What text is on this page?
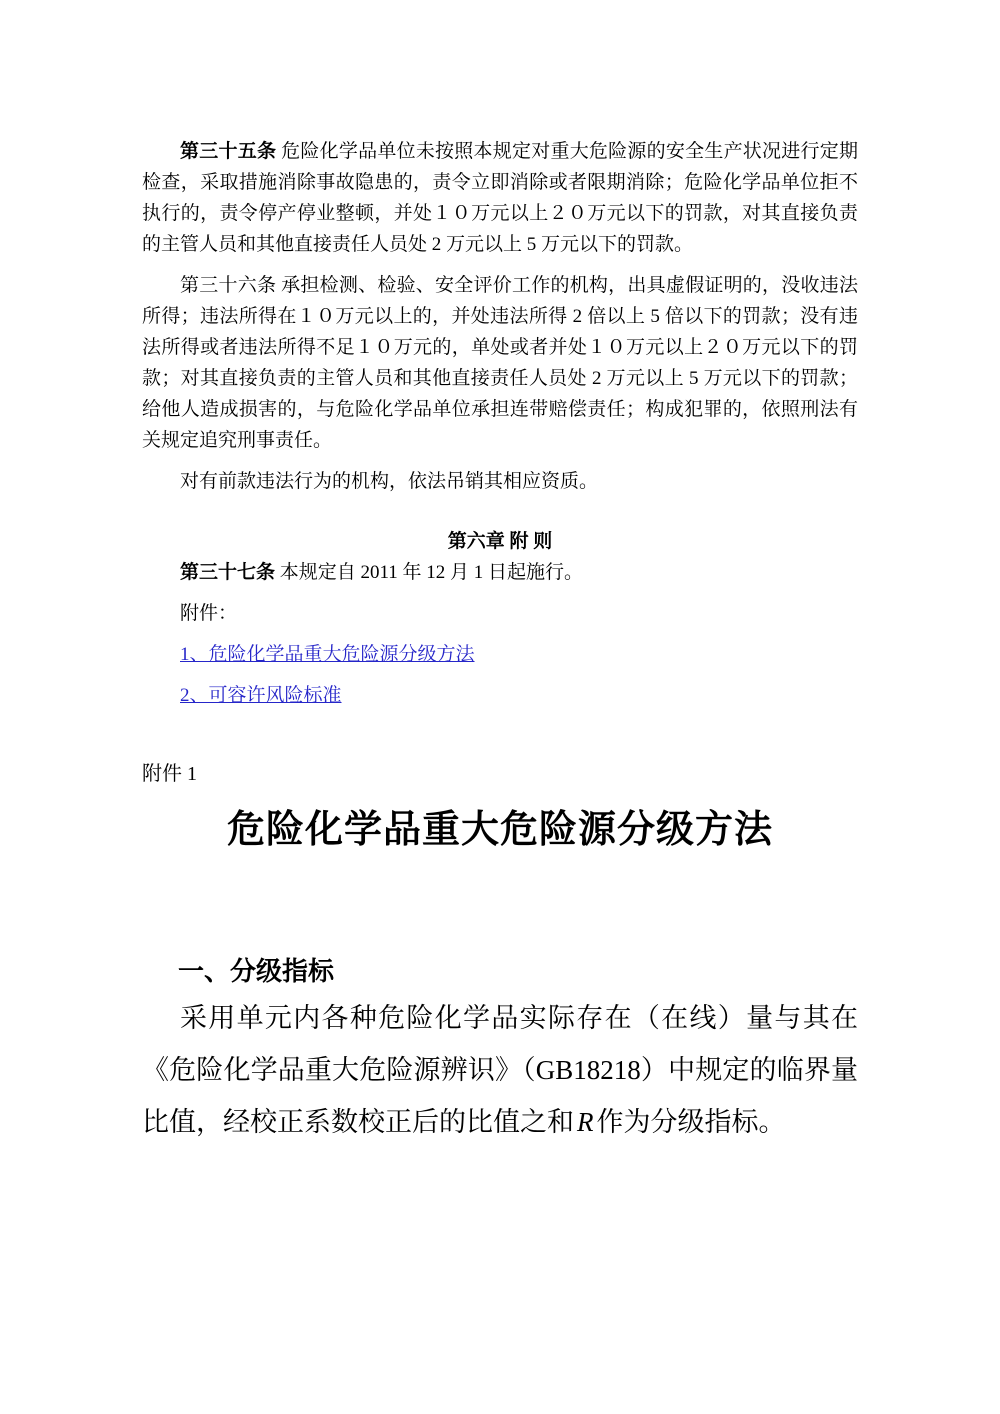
第三十五条 危险化学品单位未按照本规定对重大危险源的安全生产状况进行定期检查，采取措施消除事故隐患的，责令立即消除或者限期消除；危险化学品单位拒不执行的，责令停产停业整顿，并处１０万元以上２０万元以下的罚款，对其直接负责的主管人员和其他直接责任人员处 2 万元以上 5 万元以下的罚款。

第三十六条 承担检测、检验、安全评价工作的机构，出具虚假证明的，没收违法所得；违法所得在１０万元以上的，并处违法所得 2 倍以上 5 倍以下的罚款；没有违法所得或者违法所得不足１０万元的，单处或者并处１０万元以上２０万元以下的罚款；对其直接负责的主管人员和其他直接责任人员处 2 万元以上 5 万元以下的罚款；给他人造成损害的，与危险化学品单位承担连带赔偿责任；构成犯罪的，依照刑法有关规定追究刑事责任。

对有前款违法行为的机构，依法吊销其相应资质。

第六章 附 则

第三十七条 本规定自 2011 年 12 月 1 日起施行。

附件：

1、危险化学品重大危险源分级方法

2、可容许风险标准

附件 1

危险化学品重大危险源分级方法
一、分级指标

采用单元内各种危险化学品实际存在（在线）量与其在《危险化学品重大危险源辨识》（GB18218）中规定的临界量比值，经校正系数校正后的比值之和 R 作为分级指标。
